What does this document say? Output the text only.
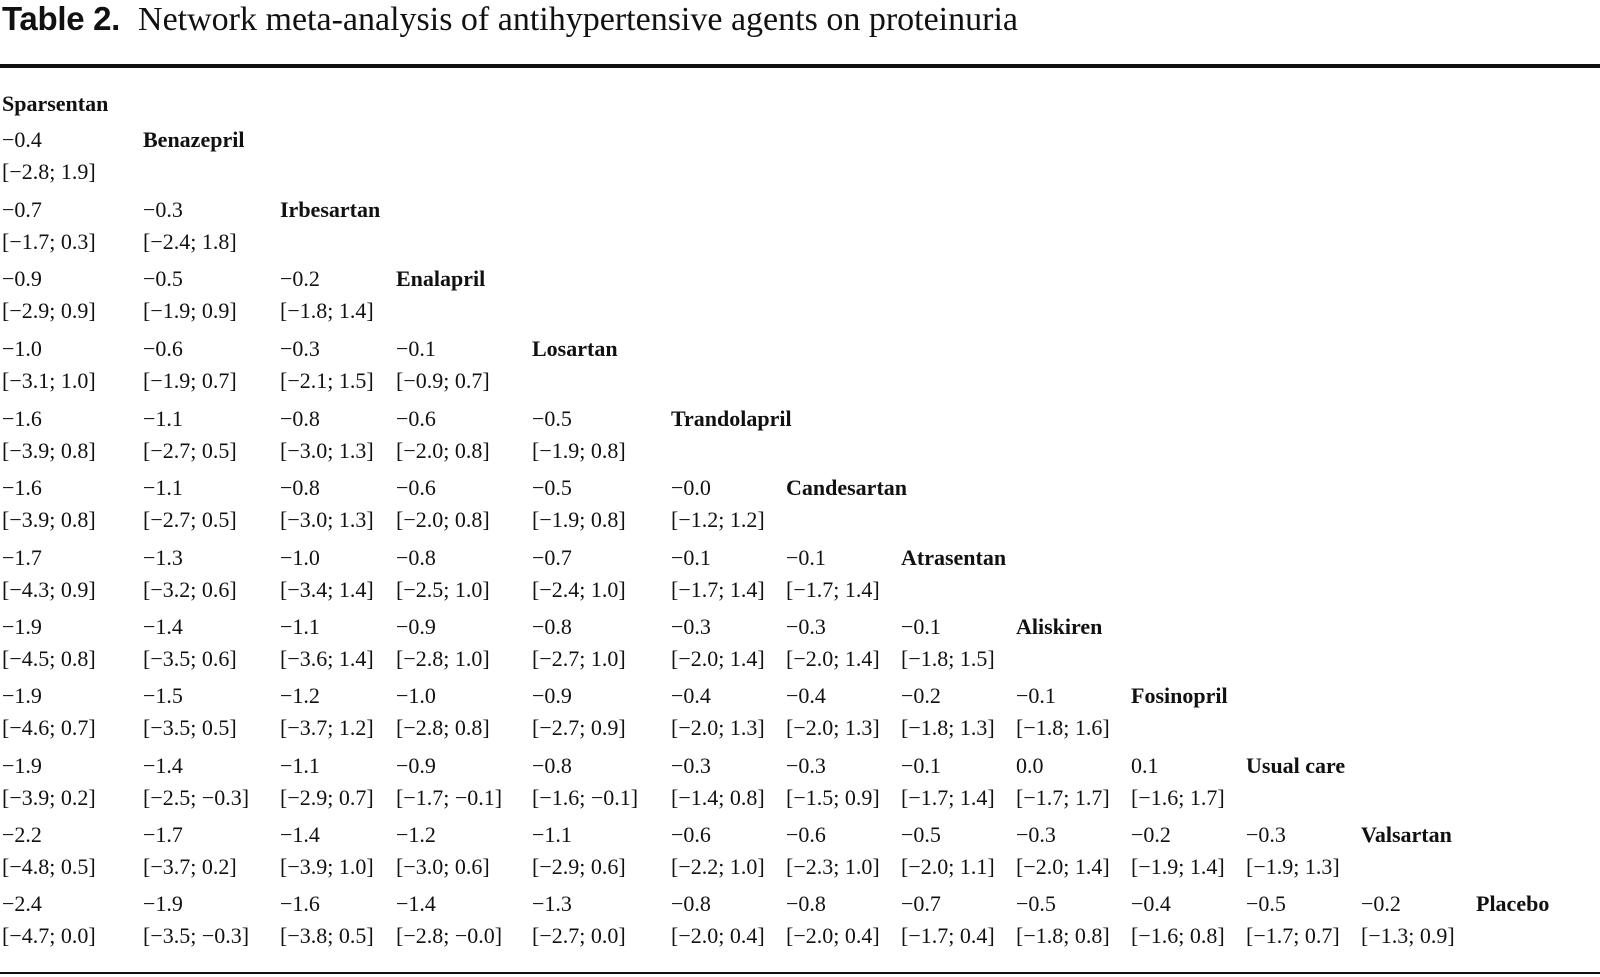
Table 2. Network meta-analysis of antihypertensive agents on proteinuria
Sparsentan
−0.4
[−2.8; 1.9]
Benazepril
−0.7
[−1.7; 0.3]
−0.3
[−2.4; 1.8]
Irbesartan
−0.9
[−2.9; 0.9]
−0.5
[−1.9; 0.9]
−0.2
[−1.8; 1.4]
Enalapril
−1.0
[−3.1; 1.0]
−0.6
[−1.9; 0.7]
−0.3
[−2.1; 1.5]
−0.1
[−0.9; 0.7]
Losartan
−1.6
[−3.9; 0.8]
−1.1
[−2.7; 0.5]
−0.8
[−3.0; 1.3]
−0.6
[−2.0; 0.8]
−0.5
[−1.9; 0.8]
Trandolapril
−1.6
[−3.9; 0.8]
−1.1
[−2.7; 0.5]
−0.8
[−3.0; 1.3]
−0.6
[−2.0; 0.8]
−0.5
[−1.9; 0.8]
−0.0
[−1.2; 1.2]
Candesartan
−1.7
[−4.3; 0.9]
−1.3
[−3.2; 0.6]
−1.0
[−3.4; 1.4]
−0.8
[−2.5; 1.0]
−0.7
[−2.4; 1.0]
−0.1
[−1.7; 1.4]
−0.1
[−1.7; 1.4]
Atrasentan
−1.9
[−4.5; 0.8]
−1.4
[−3.5; 0.6]
−1.1
[−3.6; 1.4]
−0.9
[−2.8; 1.0]
−0.8
[−2.7; 1.0]
−0.3
[−2.0; 1.4]
−0.3
[−2.0; 1.4]
−0.1
[−1.8; 1.5]
Aliskiren
−1.9
[−4.6; 0.7]
−1.5
[−3.5; 0.5]
−1.2
[−3.7; 1.2]
−1.0
[−2.8; 0.8]
−0.9
[−2.7; 0.9]
−0.4
[−2.0; 1.3]
−0.4
[−2.0; 1.3]
−0.2
[−1.8; 1.3]
−0.1
[−1.8; 1.6]
Fosinopril
−1.9
[−3.9; 0.2]
−1.4
[−2.5; −0.3]
−1.1
[−2.9; 0.7]
−0.9
[−1.7; −0.1]
−0.8
[−1.6; −0.1]
−0.3
[−1.4; 0.8]
−0.3
[−1.5; 0.9]
−0.1
[−1.7; 1.4]
0.0
[−1.7; 1.7]
0.1
[−1.6; 1.7]
Usual care
−2.2
[−4.8; 0.5]
−1.7
[−3.7; 0.2]
−1.4
[−3.9; 1.0]
−1.2
[−3.0; 0.6]
−1.1
[−2.9; 0.6]
−0.6
[−2.2; 1.0]
−0.6
[−2.3; 1.0]
−0.5
[−2.0; 1.1]
−0.3
[−2.0; 1.4]
−0.2
[−1.9; 1.4]
−0.3
[−1.9; 1.3]
Valsartan
−2.4
[−4.7; 0.0]
−1.9
[−3.5; −0.3]
−1.6
[−3.8; 0.5]
−1.4
[−2.8; −0.0]
−1.3
[−2.7; 0.0]
−0.8
[−2.0; 0.4]
−0.8
[−2.0; 0.4]
−0.7
[−1.7; 0.4]
−0.5
[−1.8; 0.8]
−0.4
[−1.6; 0.8]
−0.5
[−1.7; 0.7]
−0.2
[−1.3; 0.9]
Placebo
